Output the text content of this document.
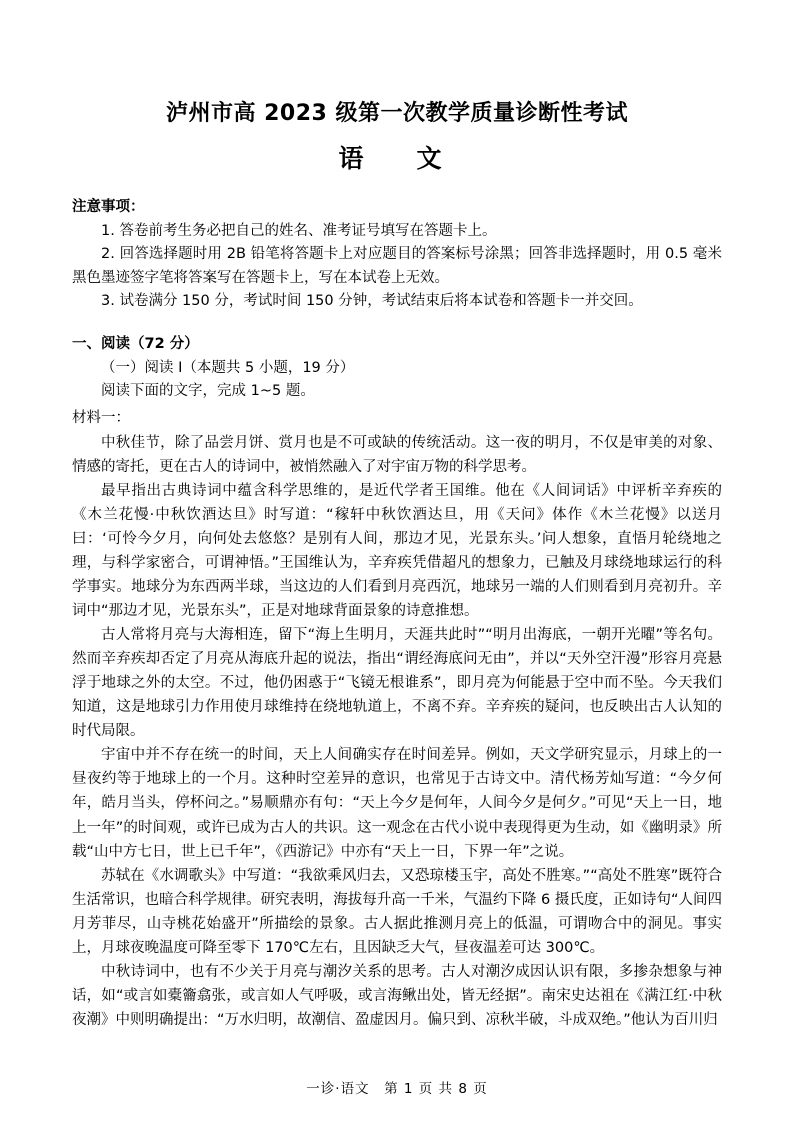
泸州市高 2023 级第一次教学质量诊断性考试
语　文
注意事项：

1. 答卷前考生务必把自己的姓名、准考证号填写在答题卡上。

2. 回答选择题时用 2B 铅笔将答题卡上对应题目的答案标号涂黑；回答非选择题时，用 0.5 毫米黑色墨迹签字笔将答案写在答题卡上，写在本试卷上无效。

3. 试卷满分 150 分，考试时间 150 分钟，考试结束后将本试卷和答题卡一并交回。

一、阅读（72 分）

（一）阅读 I（本题共 5 小题，19 分）

阅读下面的文字，完成 1~5 题。

材料一：

中秋佳节，除了品尝月饼、赏月也是不可或缺的传统活动。这一夜的明月，不仅是审美的对象、情感的寄托，更在古人的诗词中，被悄然融入了对宇宙万物的科学思考。

最早指出古典诗词中蕴含科学思维的，是近代学者王国维。他在《人间词话》中评析辛弃疾的《木兰花慢·中秋饮酒达旦》时写道：“稼轩中秋饮酒达旦，用《天问》体作《木兰花慢》以送月曰：‘可怜今夕月，向何处去悠悠？是别有人间，那边才见，光景东头。’问人想象，直悟月轮绕地之理，与科学家密合，可谓神悟。”王国维认为，辛弃疾凭借超凡的想象力，已触及月球绕地球运行的科学事实。地球分为东西两半球，当这边的人们看到月亮西沉，地球另一端的人们则看到月亮初升。辛词中“那边才见，光景东头”，正是对地球背面景象的诗意推想。

古人常将月亮与大海相连，留下“海上生明月，天涯共此时”“明月出海底，一朝开光曜”等名句。然而辛弃疾却否定了月亮从海底升起的说法，指出“谓经海底问无由”，并以“天外空汗漫”形容月亮悬浮于地球之外的太空。不过，他仍困惑于“飞镜无根谁系”，即月亮为何能悬于空中而不坠。今天我们知道，这是地球引力作用使月球维持在绕地轨道上，不离不弃。辛弃疾的疑问，也反映出古人认知的时代局限。

宇宙中并不存在统一的时间，天上人间确实存在时间差异。例如，天文学研究显示，月球上的一昼夜约等于地球上的一个月。这种时空差异的意识，也常见于古诗文中。清代杨芳灿写道：“今夕何年，皓月当头，停杯问之。”易顺鼎亦有句：“天上今夕是何年，人间今夕是何夕。”可见“天上一日，地上一年”的时间观，或许已成为古人的共识。这一观念在古代小说中表现得更为生动，如《幽明录》所载“山中方七日，世上已千年”，《西游记》中亦有“天上一日，下界一年”之说。

苏轼在《水调歌头》中写道：“我欲乘风归去，又恐琼楼玉宇，高处不胜寒。”“高处不胜寒”既符合生活常识，也暗合科学规律。研究表明，海拔每升高一千米，气温约下降 6 摄氏度，正如诗句“人间四月芳菲尽，山寺桃花始盛开”所描绘的景象。古人据此推测月亮上的低温，可谓吻合中的洞见。事实上，月球夜晚温度可降至零下 170℃左右，且因缺乏大气，昼夜温差可达 300℃。

中秋诗词中，也有不少关于月亮与潮汐关系的思考。古人对潮汐成因认识有限，多掺杂想象与神话，如“或言如橐籥翕张，或言如人气呼吸，或言海鳅出处，皆无经据”。南宋史达祖在《满江红·中秋夜潮》中则明确提出：“万水归明，故潮信、盈虚因月。偏只到、凉秋半破，斗成双绝。”他认为百川归

一诊·语文　第 1 页 共 8 页
